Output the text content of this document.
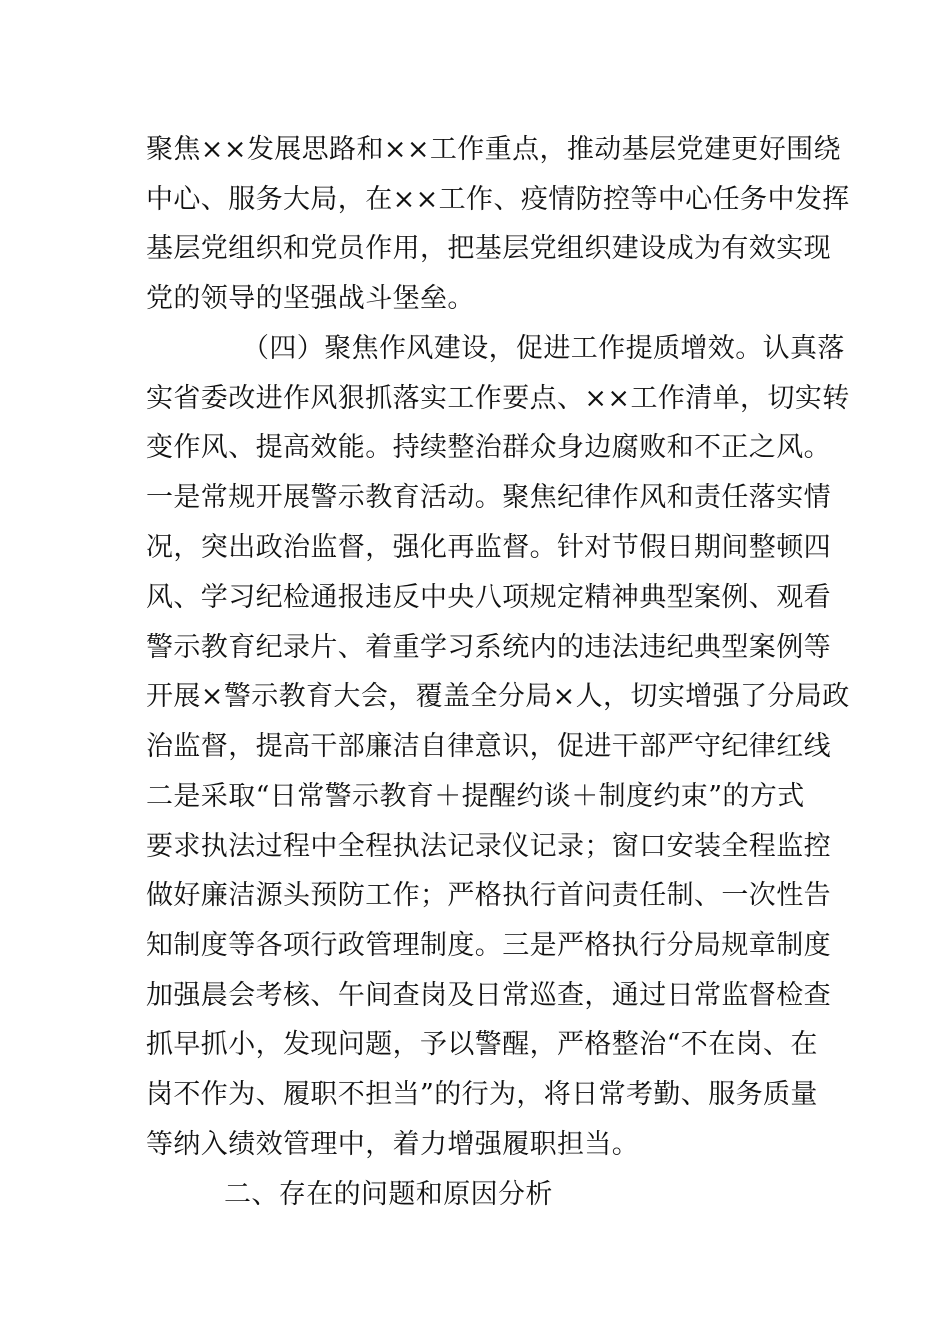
聚焦××发展思路和××工作重点，推动基层党建更好围绕
中心、服务大局，在××工作、疫情防控等中心任务中发挥
基层党组织和党员作用，把基层党组织建设成为有效实现
党的领导的坚强战斗堡垒。
（四）聚焦作风建设，促进工作提质增效。认真落
实省委改进作风狠抓落实工作要点、××工作清单，切实转
变作风、提高效能。持续整治群众身边腐败和不正之风。
一是常规开展警示教育活动。聚焦纪律作风和责任落实情
况，突出政治监督，强化再监督。针对节假日期间整顿四
风、学习纪检通报违反中央八项规定精神典型案例、观看
警示教育纪录片、着重学习系统内的违法违纪典型案例等
开展×警示教育大会，覆盖全分局×人，切实增强了分局政
治监督，提高干部廉洁自律意识，促进干部严守纪律红线
二是采取“日常警示教育＋提醒约谈＋制度约束”的方式
要求执法过程中全程执法记录仪记录；窗口安装全程监控
做好廉洁源头预防工作；严格执行首问责任制、一次性告
知制度等各项行政管理制度。三是严格执行分局规章制度
加强晨会考核、午间查岗及日常巡查，通过日常监督检查
抓早抓小，发现问题，予以警醒，严格整治“不在岗、在
岗不作为、履职不担当”的行为，将日常考勤、服务质量
等纳入绩效管理中，着力增强履职担当。
二、存在的问题和原因分析
